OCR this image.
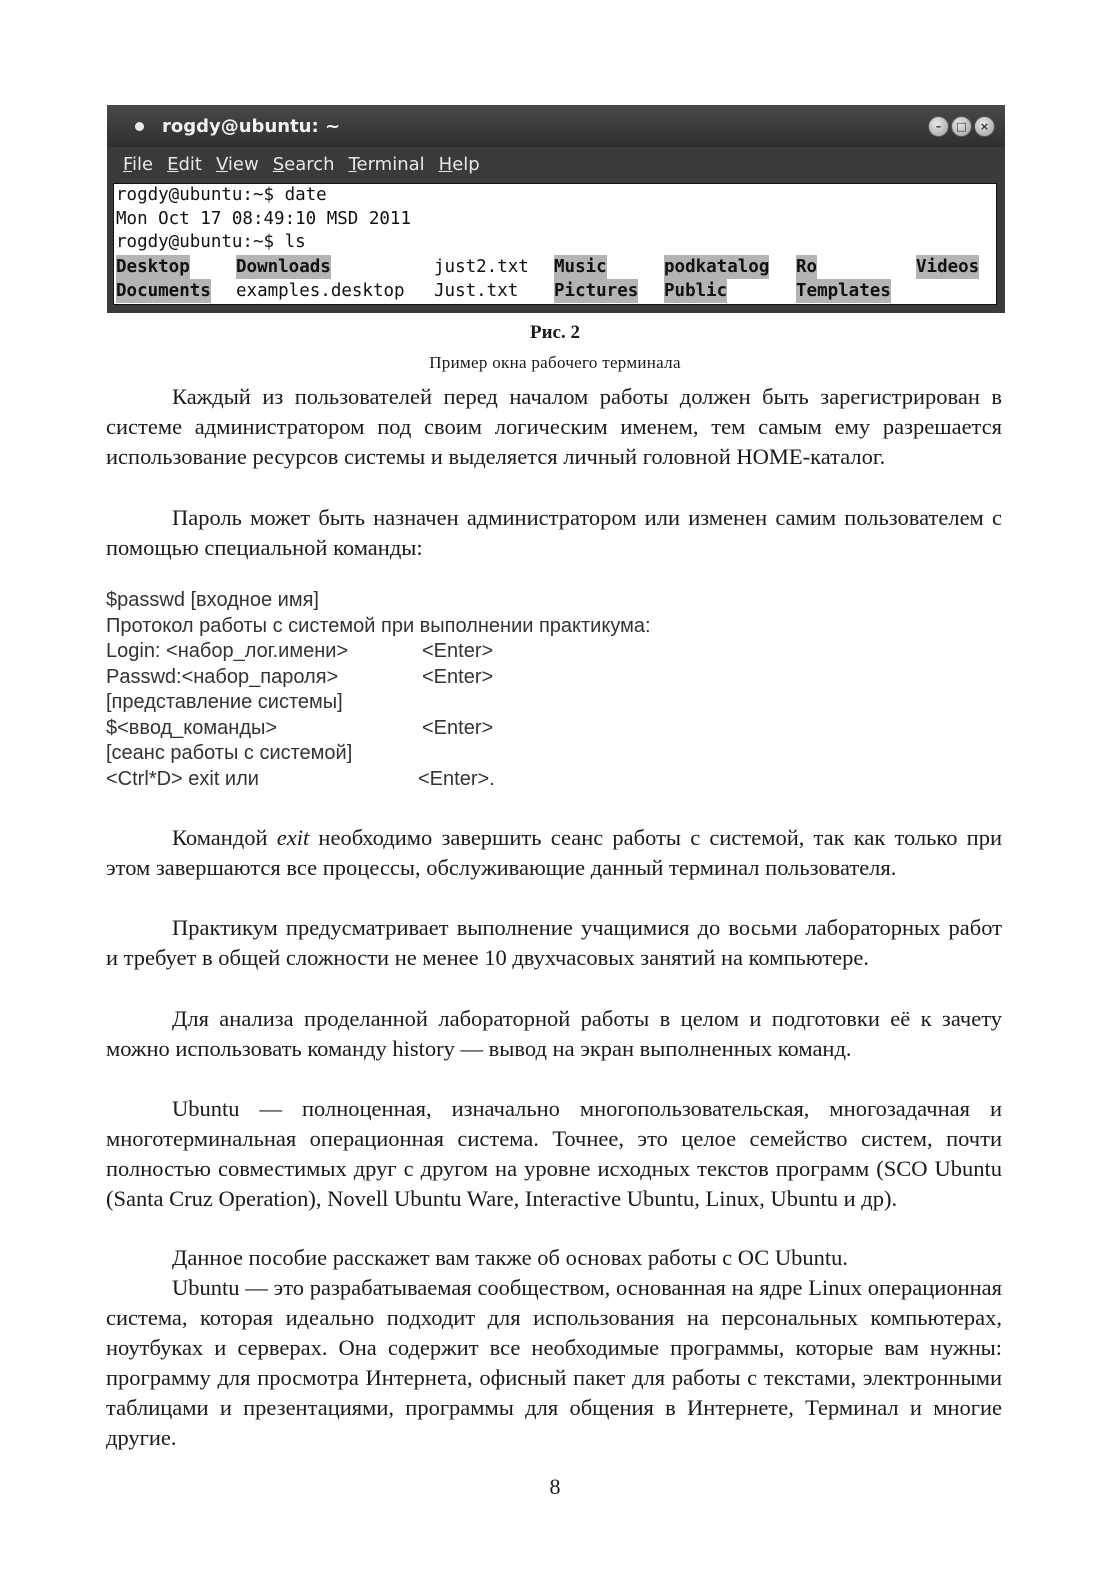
rogdy@ubuntu: ~	–	□	×
File Edit View Search Terminal Help
rogdy@ubuntu:~$ date
Mon Oct 17 08:49:10 MSD 2011
rogdy@ubuntu:~$ ls
Desktop	Downloads	just2.txt Music	podkatalog Ro	Videos
Documents examples.desktop Just.txt Pictures Public	Templates
Рис. 2
Пример окна рабочего терминала

Каждый из пользователей перед началом работы должен быть зарегистрирован в системе администратором под своим логическим именем, тем самым ему разрешается использование ресурсов системы и выделяется личный головной HOME-каталог.

Пароль может быть назначен администратором или изменен самим пользователем с помощью специальной команды:

$passwd [входное имя]
Протокол работы с системой при выполнении практикума:
Login: <набор_лог.имени>	<Enter>
Passwd:<набор_пароля>	<Enter>
[представление системы]
$<ввод_команды>	<Enter>
[сеанс работы с системой]
<Ctrl*D> exit или	<Enter>.

Командой exit необходимо завершить сеанс работы с системой, так как только при этом завершаются все процессы, обслуживающие данный терминал пользователя.

Практикум предусматривает выполнение учащимися до восьми лабораторных работ и требует в общей сложности не менее 10 двухчасовых занятий на компьютере.

Для анализа проделанной лабораторной работы в целом и подготовки её к зачету можно использовать команду history — вывод на экран выполненных команд.

Ubuntu — полноценная, изначально многопользовательская, многозадачная и многотерминальная операционная система. Точнее, это целое семейство систем, почти полностью совместимых друг с другом на уровне исходных текстов программ (SCO Ubuntu (Santa Cruz Operation), Novell Ubuntu Ware, Interactive Ubuntu, Linux, Ubuntu и др).

Данное пособие расскажет вам также об основах работы с ОС Ubuntu.

Ubuntu — это разрабатываемая сообществом, основанная на ядре Linux операционная система, которая идеально подходит для использования на персональных компьютерах, ноутбуках и серверах. Она содержит все необходимые программы, которые вам нужны: программу для просмотра Интернета, офисный пакет для работы с текстами, электронными таблицами и презентациями, программы для общения в Интернете, Терминал и многие другие.

8
